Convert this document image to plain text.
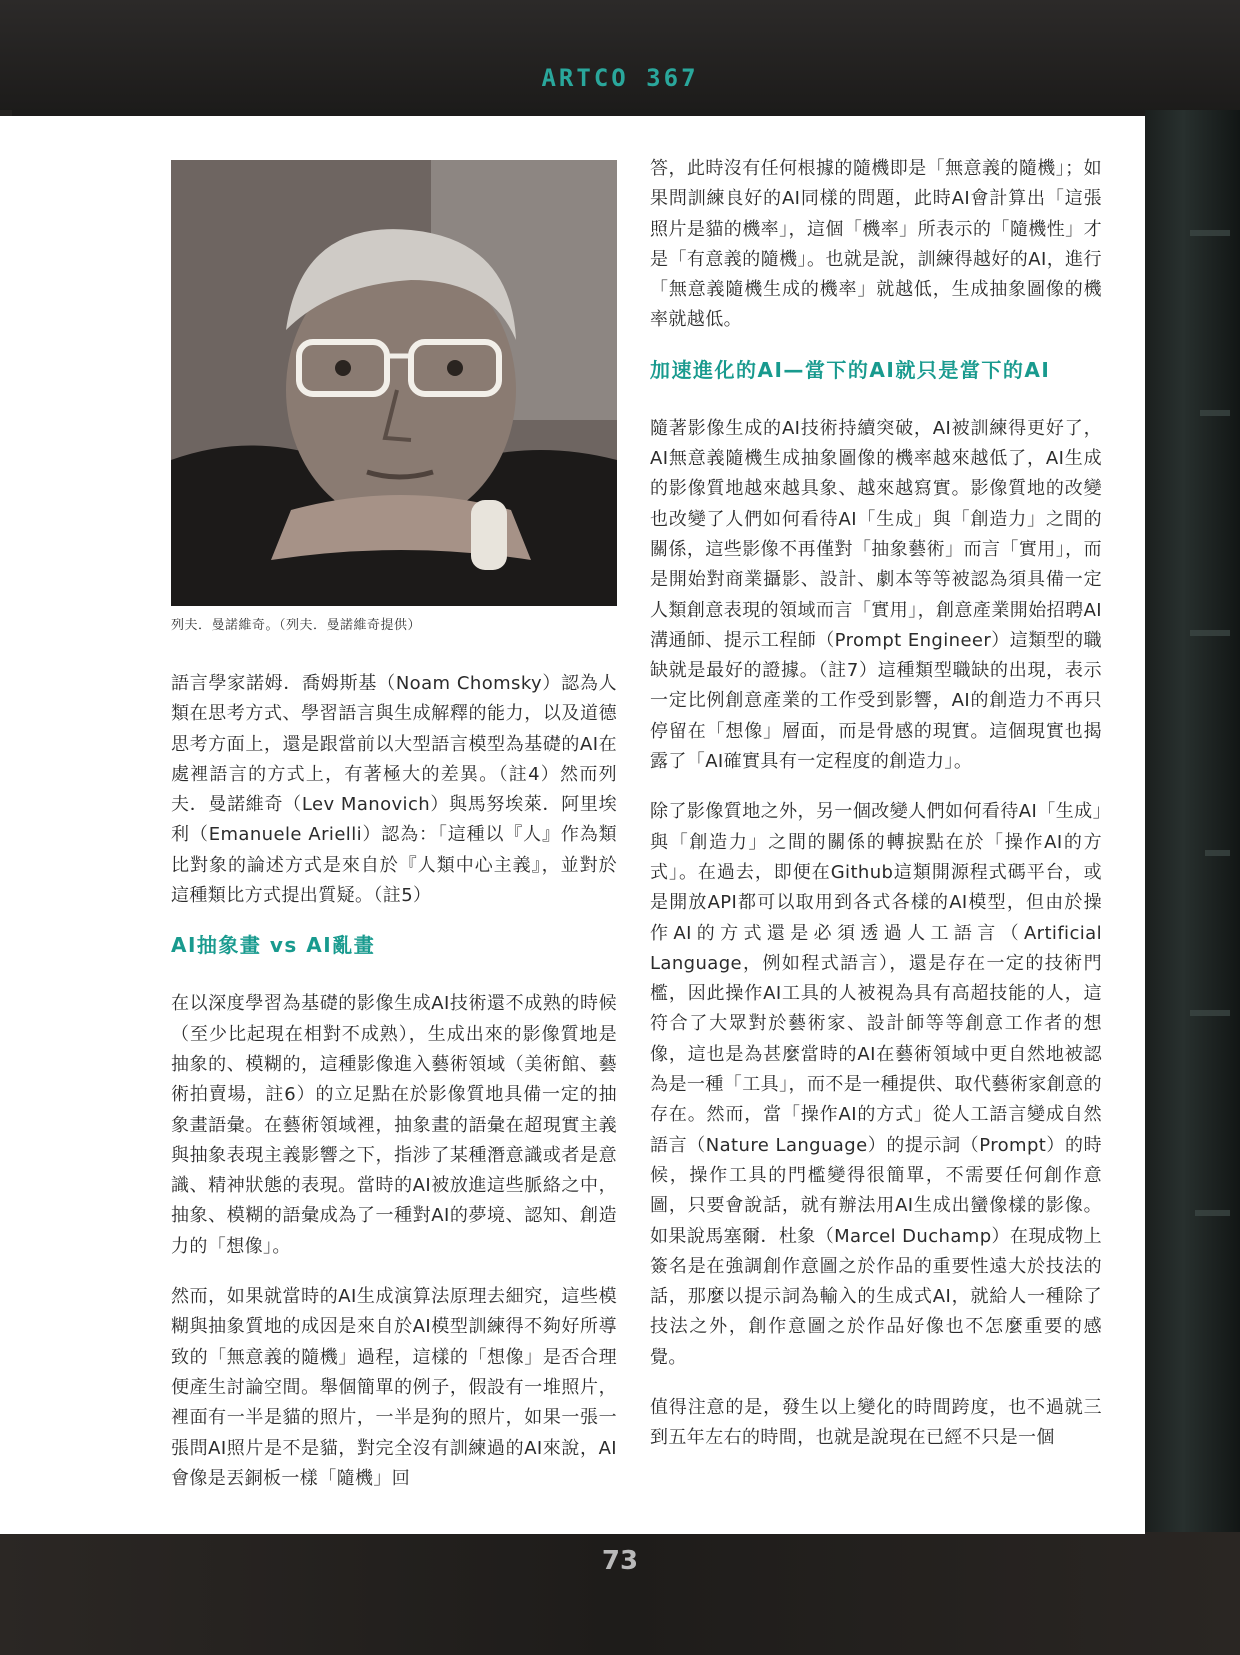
ARTCO 367
列夫．曼諾維奇。（列夫．曼諾維奇提供）

語言學家諾姆．喬姆斯基（Noam Chomsky）認為人類在思考方式、學習語言與生成解釋的能力，以及道德思考方面上，還是跟當前以大型語言模型為基礎的AI在處裡語言的方式上，有著極大的差異。（註4）然而列夫．曼諾維奇（Lev Manovich）與馬努埃萊．阿里埃利（Emanuele Arielli）認為：「這種以『人』作為類比對象的論述方式是來自於『人類中心主義』，並對於這種類比方式提出質疑。（註5）

AI抽象畫 vs AI亂畫

在以深度學習為基礎的影像生成AI技術還不成熟的時候（至少比起現在相對不成熟），生成出來的影像質地是抽象的、模糊的，這種影像進入藝術領域（美術館、藝術拍賣場，註6）的立足點在於影像質地具備一定的抽象畫語彙。在藝術領域裡，抽象畫的語彙在超現實主義與抽象表現主義影響之下，指涉了某種潛意識或者是意識、精神狀態的表現。當時的AI被放進這些脈絡之中，抽象、模糊的語彙成為了一種對AI的夢境、認知、創造力的「想像」。

然而，如果就當時的AI生成演算法原理去細究，這些模糊與抽象質地的成因是來自於AI模型訓練得不夠好所導致的「無意義的隨機」過程，這樣的「想像」是否合理便產生討論空間。舉個簡單的例子，假設有一堆照片，裡面有一半是貓的照片，一半是狗的照片，如果一張一張問AI照片是不是貓，對完全沒有訓練過的AI來說，AI會像是丟銅板一樣「隨機」回

答，此時沒有任何根據的隨機即是「無意義的隨機」；如果問訓練良好的AI同樣的問題，此時AI會計算出「這張照片是貓的機率」，這個「機率」所表示的「隨機性」才是「有意義的隨機」。也就是說，訓練得越好的AI，進行「無意義隨機生成的機率」就越低，生成抽象圖像的機率就越低。

加速進化的AI—當下的AI就只是當下的AI

隨著影像生成的AI技術持續突破，AI被訓練得更好了，AI無意義隨機生成抽象圖像的機率越來越低了，AI生成的影像質地越來越具象、越來越寫實。影像質地的改變也改變了人們如何看待AI「生成」與「創造力」之間的關係，這些影像不再僅對「抽象藝術」而言「實用」，而是開始對商業攝影、設計、劇本等等被認為須具備一定人類創意表現的領域而言「實用」，創意產業開始招聘AI溝通師、提示工程師（Prompt Engineer）這類型的職缺就是最好的證據。（註7）這種類型職缺的出現，表示一定比例創意產業的工作受到影響，AI的創造力不再只停留在「想像」層面，而是骨感的現實。這個現實也揭露了「AI確實具有一定程度的創造力」。

除了影像質地之外，另一個改變人們如何看待AI「生成」與「創造力」之間的關係的轉捩點在於「操作AI的方式」。在過去，即便在Github這類開源程式碼平台，或是開放API都可以取用到各式各樣的AI模型，但由於操作AI的方式還是必須透過人工語言（Artificial Language，例如程式語言），還是存在一定的技術門檻，因此操作AI工具的人被視為具有高超技能的人，這符合了大眾對於藝術家、設計師等等創意工作者的想像，這也是為甚麼當時的AI在藝術領域中更自然地被認為是一種「工具」，而不是一種提供、取代藝術家創意的存在。然而，當「操作AI的方式」從人工語言變成自然語言（Nature Language）的提示詞（Prompt）的時候，操作工具的門檻變得很簡單，不需要任何創作意圖，只要會說話，就有辦法用AI生成出蠻像樣的影像。如果說馬塞爾．杜象（Marcel Duchamp）在現成物上簽名是在強調創作意圖之於作品的重要性遠大於技法的話，那麼以提示詞為輸入的生成式AI，就給人一種除了技法之外，創作意圖之於作品好像也不怎麼重要的感覺。

值得注意的是，發生以上變化的時間跨度，也不過就三到五年左右的時間，也就是說現在已經不只是一個

73
